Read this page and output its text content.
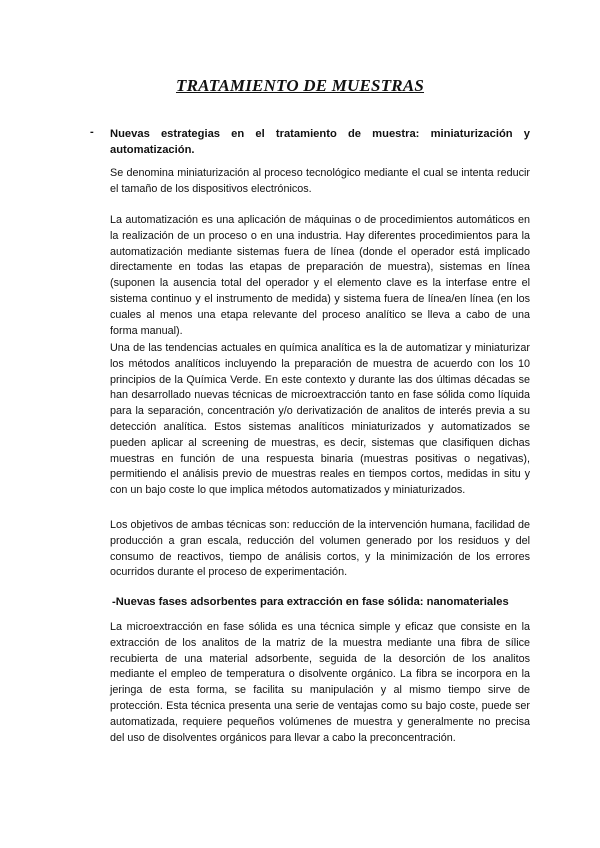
TRATAMIENTO DE MUESTRAS
- Nuevas estrategias en el tratamiento de muestra: miniaturización y automatización.

Se denomina miniaturización al proceso tecnológico mediante el cual se intenta reducir el tamaño de los dispositivos electrónicos.

La automatización es una aplicación de máquinas o de procedimientos automáticos en la realización de un proceso o en una industria. Hay diferentes procedimientos para la automatización mediante sistemas fuera de línea (donde el operador está implicado directamente en todas las etapas de preparación de muestra), sistemas en línea (suponen la ausencia total del operador y el elemento clave es la interfase entre el sistema continuo y el instrumento de medida) y sistema fuera de línea/en línea (en los cuales al menos una etapa relevante del proceso analítico se lleva a cabo de una forma manual).

Una de las tendencias actuales en química analítica es la de automatizar y miniaturizar los métodos analíticos incluyendo la preparación de muestra de acuerdo con los 10 principios de la Química Verde. En este contexto y durante las dos últimas décadas se han desarrollado nuevas técnicas de microextracción tanto en fase sólida como líquida para la separación, concentración y/o derivatización de analitos de interés previa a su detección analítica. Estos sistemas analíticos miniaturizados y automatizados se pueden aplicar al screening de muestras, es decir, sistemas que clasifiquen dichas muestras en función de una respuesta binaria (muestras positivas o negativas), permitiendo el análisis previo de muestras reales en tiempos cortos, medidas in situ y con un bajo coste lo que implica métodos automatizados y miniaturizados.

Los objetivos de ambas técnicas son: reducción de la intervención humana, facilidad de producción a gran escala, reducción del volumen generado por los residuos y del consumo de reactivos, tiempo de análisis cortos, y la minimización de los errores ocurridos durante el proceso de experimentación.

-Nuevas fases adsorbentes para extracción en fase sólida: nanomateriales

La microextracción en fase sólida es una técnica simple y eficaz que consiste en la extracción de los analitos de la matriz de la muestra mediante una fibra de sílice recubierta de una material adsorbente, seguida de la desorción de los analitos mediante el empleo de temperatura o disolvente orgánico. La fibra se incorpora en la jeringa de esta forma, se facilita su manipulación y al mismo tiempo sirve de protección. Esta técnica presenta una serie de ventajas como su bajo coste, puede ser automatizada, requiere pequeños volúmenes de muestra y generalmente no precisa del uso de disolventes orgánicos para llevar a cabo la preconcentración.
